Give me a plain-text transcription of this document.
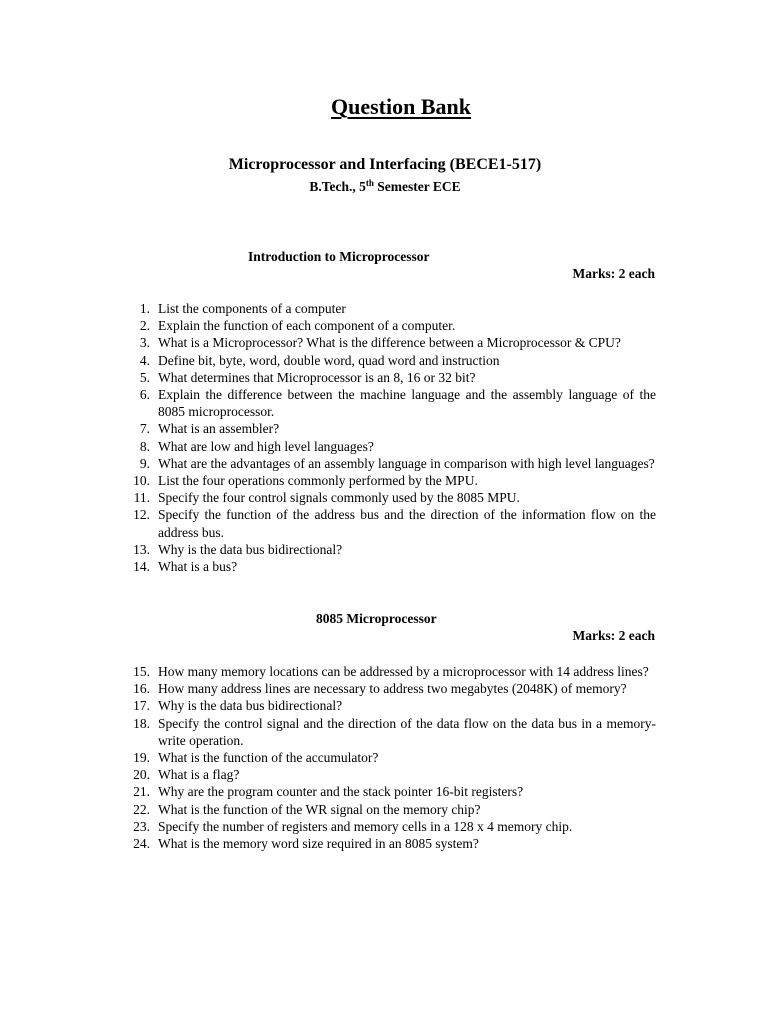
Question Bank
Microprocessor and Interfacing (BECE1-517)
B.Tech., 5th Semester ECE
Introduction to Microprocessor
Marks: 2 each
1. List the components of a computer
2. Explain the function of each component of a computer.
3. What is a Microprocessor? What is the difference between a Microprocessor & CPU?
4. Define bit, byte, word, double word, quad word and instruction
5. What determines that Microprocessor is an 8, 16 or 32 bit?
6. Explain the difference between the machine language and the assembly language of the 8085 microprocessor.
7. What is an assembler?
8. What are low and high level languages?
9. What are the advantages of an assembly language in comparison with high level languages?
10. List the four operations commonly performed by the MPU.
11. Specify the four control signals commonly used by the 8085 MPU.
12. Specify the function of the address bus and the direction of the information flow on the address bus.
13. Why is the data bus bidirectional?
14. What is a bus?
8085 Microprocessor
Marks: 2 each
15. How many memory locations can be addressed by a microprocessor with 14 address lines?
16. How many address lines are necessary to address two megabytes (2048K) of memory?
17. Why is the data bus bidirectional?
18. Specify the control signal and the direction of the data flow on the data bus in a memory-write operation.
19. What is the function of the accumulator?
20. What is a flag?
21. Why are the program counter and the stack pointer 16-bit registers?
22. What is the function of the WR signal on the memory chip?
23. Specify the number of registers and memory cells in a 128 x 4 memory chip.
24. What is the memory word size required in an 8085 system?
